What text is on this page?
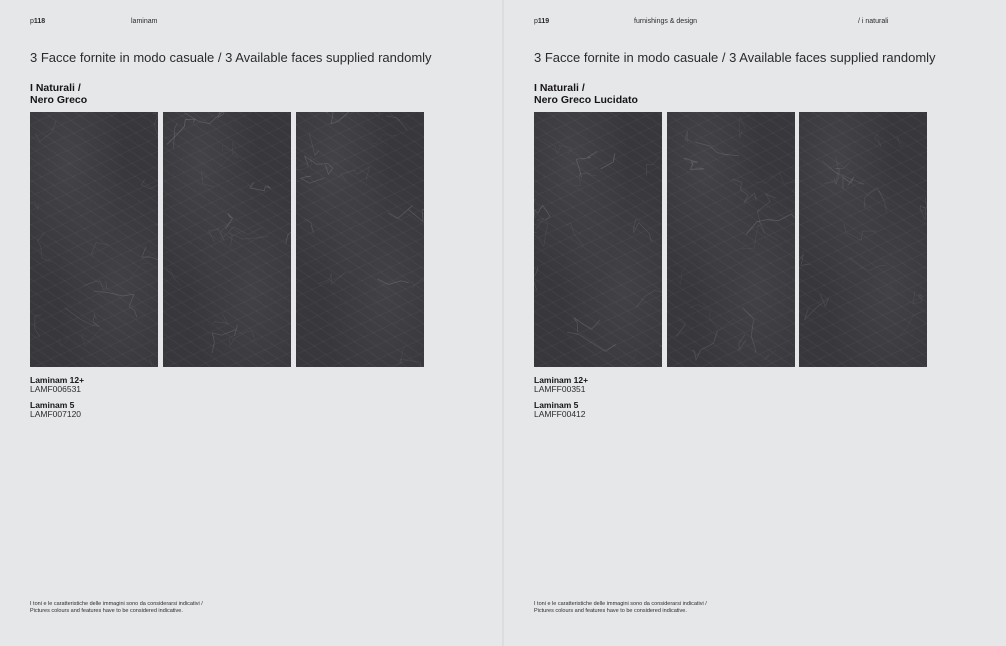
p118	laminam
3 Facce fornite in modo casuale / 3 Available faces supplied randomly
I Naturali /
Nero Greco
Laminam 12+
LAMF006531
Laminam 5
LAMF007120
I toni e le caratteristiche delle immagini sono da considerarsi indicativi /
Pictures colours and features have to be considered indicative.
p119	furnishings & design	/ i naturali
3 Facce fornite in modo casuale / 3 Available faces supplied randomly
I Naturali /
Nero Greco Lucidato
Laminam 12+
LAMFF00351
Laminam 5
LAMFF00412
I toni e le caratteristiche delle immagini sono da considerarsi indicativi /
Pictures colours and features have to be considered indicative.
